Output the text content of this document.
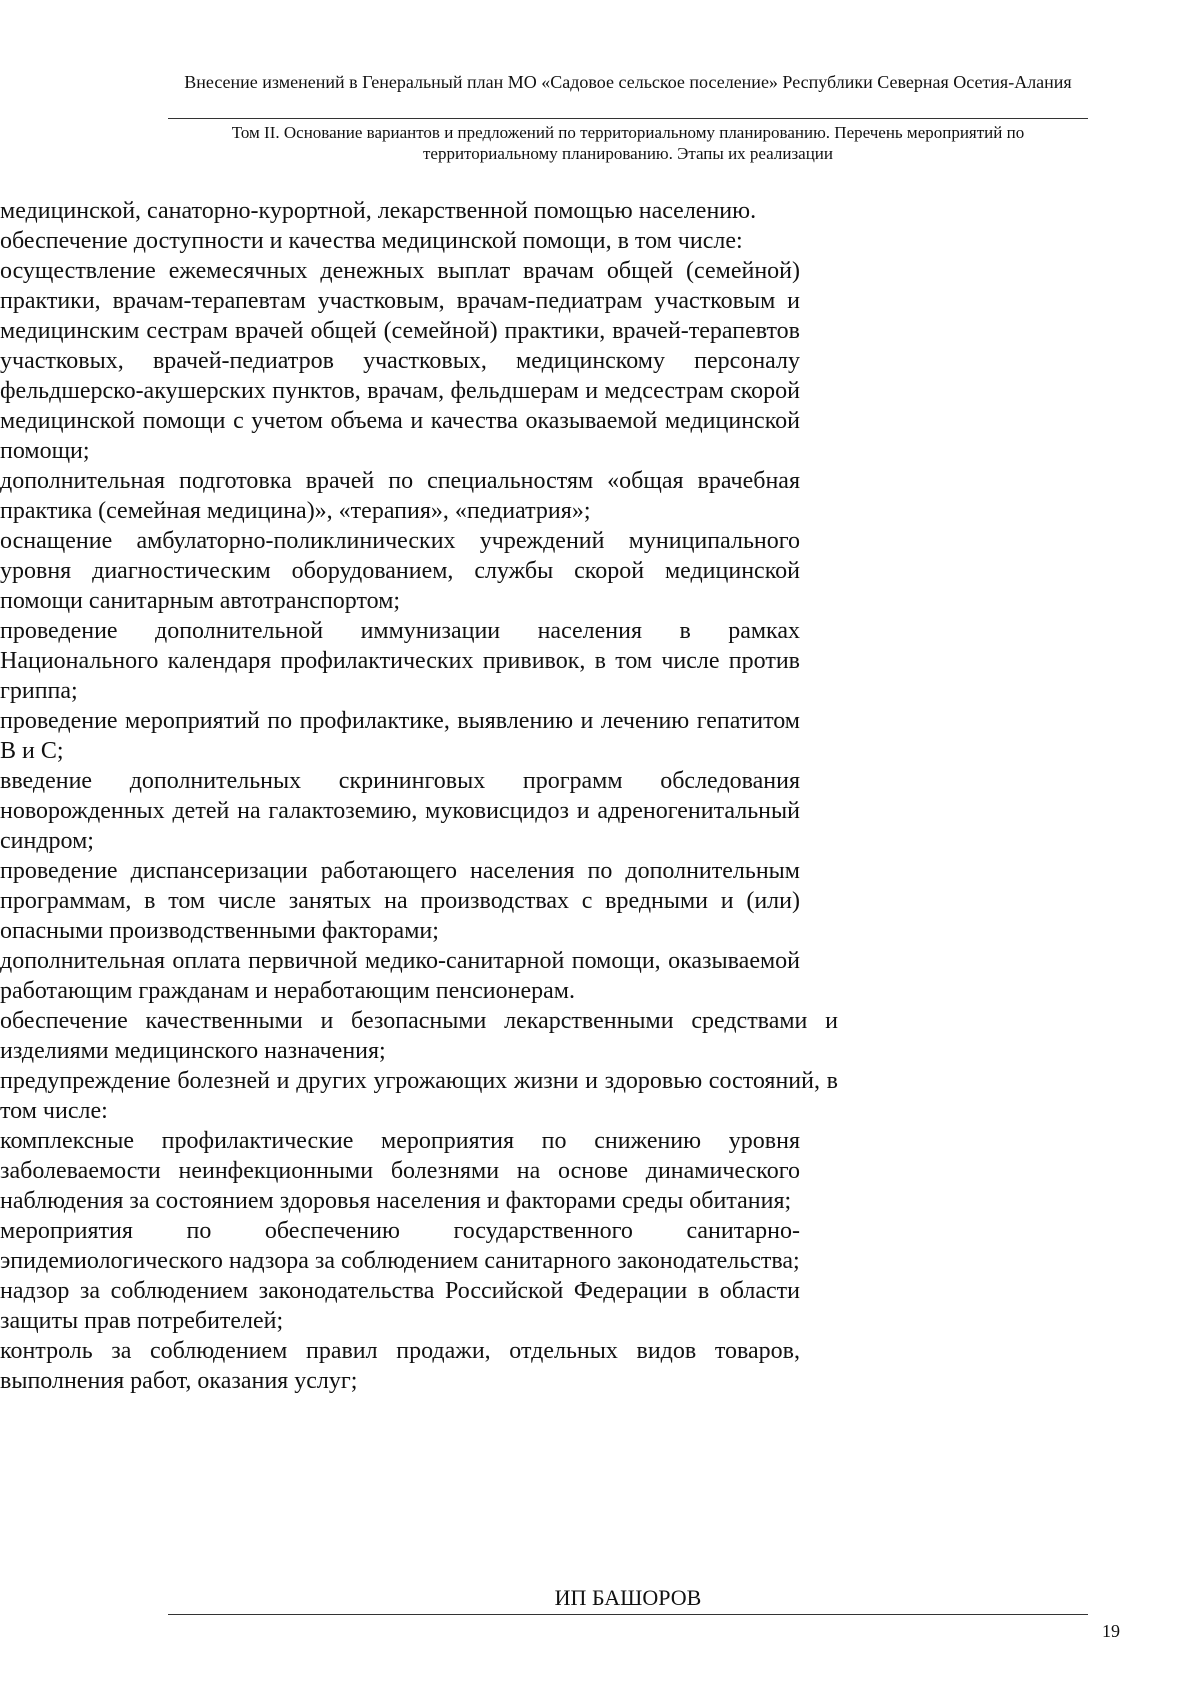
Внесение изменений в Генеральный план МО «Садовое сельское поселение» Республики Северная Осетия-Алания
Том II. Основание вариантов и предложений по территориальному планированию. Перечень мероприятий по территориальному планированию. Этапы их реализации

медицинской, санаторно-курортной, лекарственной помощью населению.

обеспечение доступности и качества медицинской помощи, в том числе:

осуществление ежемесячных денежных выплат врачам общей (семейной) практики, врачам-терапевтам участковым, врачам-педиатрам участковым и медицинским сестрам врачей общей (семейной) практики, врачей-терапевтов участковых, врачей-педиатров участковых, медицинскому персоналу фельдшерско-акушерских пунктов, врачам, фельдшерам и медсестрам скорой медицинской помощи с учетом объема и качества оказываемой медицинской помощи;

дополнительная подготовка врачей по специальностям «общая врачебная практика (семейная медицина)», «терапия», «педиатрия»;

оснащение амбулаторно-поликлинических учреждений муниципального уровня диагностическим оборудованием, службы скорой медицинской помощи санитарным автотранспортом;

проведение дополнительной иммунизации населения в рамках Национального календаря профилактических прививок, в том числе против гриппа;

проведение мероприятий по профилактике, выявлению и лечению гепатитом В и С;

введение дополнительных скрининговых программ обследования новорожденных детей на галактоземию, муковисцидоз и адреногенитальный синдром;

проведение диспансеризации работающего населения по дополнительным программам, в том числе занятых на производствах с вредными и (или) опасными производственными факторами;

дополнительная оплата первичной медико-санитарной помощи, оказываемой работающим гражданам и неработающим пенсионерам.

обеспечение качественными и безопасными лекарственными средствами и изделиями медицинского назначения;

предупреждение болезней и других угрожающих жизни и здоровью состояний, в том числе:

комплексные профилактические мероприятия по снижению уровня заболеваемости неинфекционными болезнями на основе динамического наблюдения за состоянием здоровья населения и факторами среды обитания;

мероприятия по обеспечению государственного санитарно-эпидемиологического надзора за соблюдением санитарного законодательства;

надзор за соблюдением законодательства Российской Федерации в области защиты прав потребителей;

контроль за соблюдением правил продажи, отдельных видов товаров, выполнения работ, оказания услуг;

ИП БАШОРОВ
19
